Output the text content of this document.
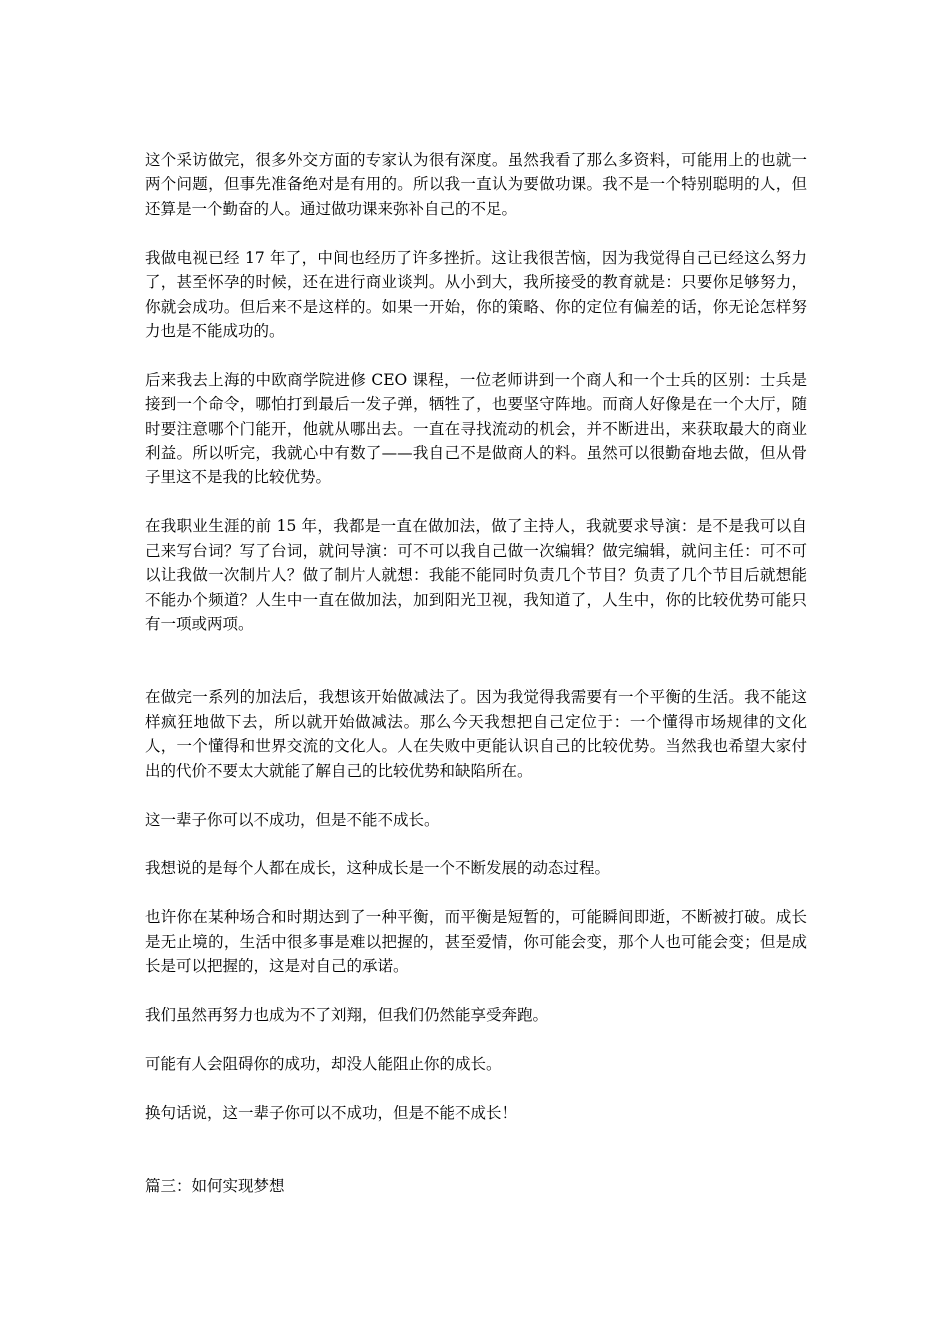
这个采访做完，很多外交方面的专家认为很有深度。虽然我看了那么多资料，可能用上的也就一两个问题，但事先准备绝对是有用的。所以我一直认为要做功课。我不是一个特别聪明的人，但还算是一个勤奋的人。通过做功课来弥补自己的不足。

我做电视已经 17 年了，中间也经历了许多挫折。这让我很苦恼，因为我觉得自己已经这么努力了，甚至怀孕的时候，还在进行商业谈判。从小到大，我所接受的教育就是：只要你足够努力，你就会成功。但后来不是这样的。如果一开始，你的策略、你的定位有偏差的话，你无论怎样努力也是不能成功的。

后来我去上海的中欧商学院进修 CEO 课程，一位老师讲到一个商人和一个士兵的区别：士兵是接到一个命令，哪怕打到最后一发子弹，牺牲了，也要坚守阵地。而商人好像是在一个大厅，随时要注意哪个门能开，他就从哪出去。一直在寻找流动的机会，并不断进出，来获取最大的商业利益。所以听完，我就心中有数了——我自己不是做商人的料。虽然可以很勤奋地去做，但从骨子里这不是我的比较优势。

在我职业生涯的前 15 年，我都是一直在做加法，做了主持人，我就要求导演：是不是我可以自己来写台词？写了台词，就问导演：可不可以我自己做一次编辑？做完编辑，就问主任：可不可以让我做一次制片人？做了制片人就想：我能不能同时负责几个节目？负责了几个节目后就想能不能办个频道？人生中一直在做加法，加到阳光卫视，我知道了，人生中，你的比较优势可能只有一项或两项。

在做完一系列的加法后，我想该开始做减法了。因为我觉得我需要有一个平衡的生活。我不能这样疯狂地做下去，所以就开始做减法。那么今天我想把自己定位于：一个懂得市场规律的文化人，一个懂得和世界交流的文化人。人在失败中更能认识自己的比较优势。当然我也希望大家付出的代价不要太大就能了解自己的比较优势和缺陷所在。

这一辈子你可以不成功，但是不能不成长。

我想说的是每个人都在成长，这种成长是一个不断发展的动态过程。

也许你在某种场合和时期达到了一种平衡，而平衡是短暂的，可能瞬间即逝，不断被打破。成长是无止境的，生活中很多事是难以把握的，甚至爱情，你可能会变，那个人也可能会变；但是成长是可以把握的，这是对自己的承诺。

我们虽然再努力也成为不了刘翔，但我们仍然能享受奔跑。

可能有人会阻碍你的成功，却没人能阻止你的成长。

换句话说，这一辈子你可以不成功，但是不能不成长！

篇三：如何实现梦想
